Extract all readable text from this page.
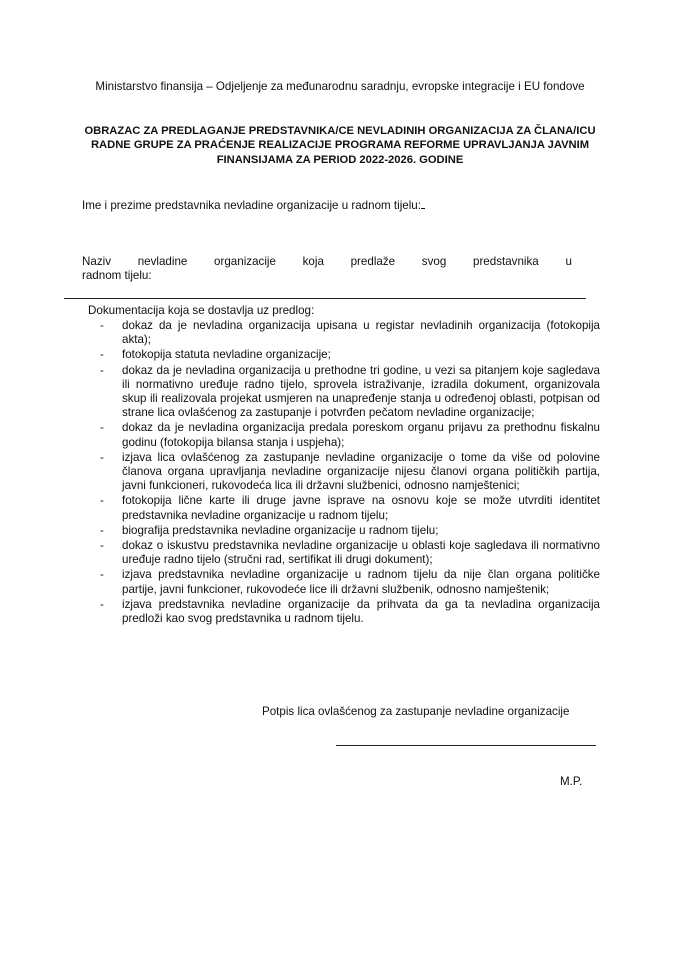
Ministarstvo finansija – Odjeljenje za međunarodnu saradnju, evropske integracije i EU fondove
OBRAZAC ZA PREDLAGANJE PREDSTAVNIKA/CE NEVLADINIH ORGANIZACIJA ZA ČLANA/ICU RADNE GRUPE ZA PRAĆENJE REALIZACIJE PROGRAMA REFORME UPRAVLJANJA JAVNIM FINANSIJAMA ZA PERIOD 2022-2026. GODINE
Ime i prezime predstavnika nevladine organizacije u radnom tijelu:
Naziv nevladine organizacije koja predlaže svog predstavnika u
radnom tijelu:
Dokumentacija koja se dostavlja uz predlog:
- dokaz da je nevladina organizacija upisana u registar nevladinih organizacija (fotokopija akta);
- fotokopija statuta nevladine organizacije;
- dokaz da je nevladina organizacija u prethodne tri godine, u vezi sa pitanjem koje sagledava ili normativno uređuje radno tijelo, sprovela istraživanje, izradila dokument, organizovala skup ili realizovala projekat usmjeren na unapređenje stanja u određenoj oblasti, potpisan od strane lica ovlašćenog za zastupanje i potvrđen pečatom nevladine organizacije;
- dokaz da je nevladina organizacija predala poreskom organu prijavu za prethodnu fiskalnu godinu (fotokopija bilansa stanja i uspjeha);
- izjava lica ovlašćenog za zastupanje nevladine organizacije o tome da više od polovine članova organa upravljanja nevladine organizacije nijesu članovi organa političkih partija, javni funkcioneri, rukovodeća lica ili državni službenici, odnosno namještenici;
- fotokopija lične karte ili druge javne isprave na osnovu koje se može utvrditi identitet predstavnika nevladine organizacije u radnom tijelu;
- biografija predstavnika nevladine organizacije u radnom tijelu;
- dokaz o iskustvu predstavnika nevladine organizacije u oblasti koje sagledava ili normativno uređuje radno tijelo (stručni rad, sertifikat ili drugi dokument);
- izjava predstavnika nevladine organizacije u radnom tijelu da nije član organa političke partije, javni funkcioner, rukovodeće lice ili državni službenik, odnosno namještenik;
- izjava predstavnika nevladine organizacije da prihvata da ga ta nevladina organizacija predloži kao svog predstavnika u radnom tijelu.
Potpis lica ovlašćenog za zastupanje nevladine organizacije
M.P.
